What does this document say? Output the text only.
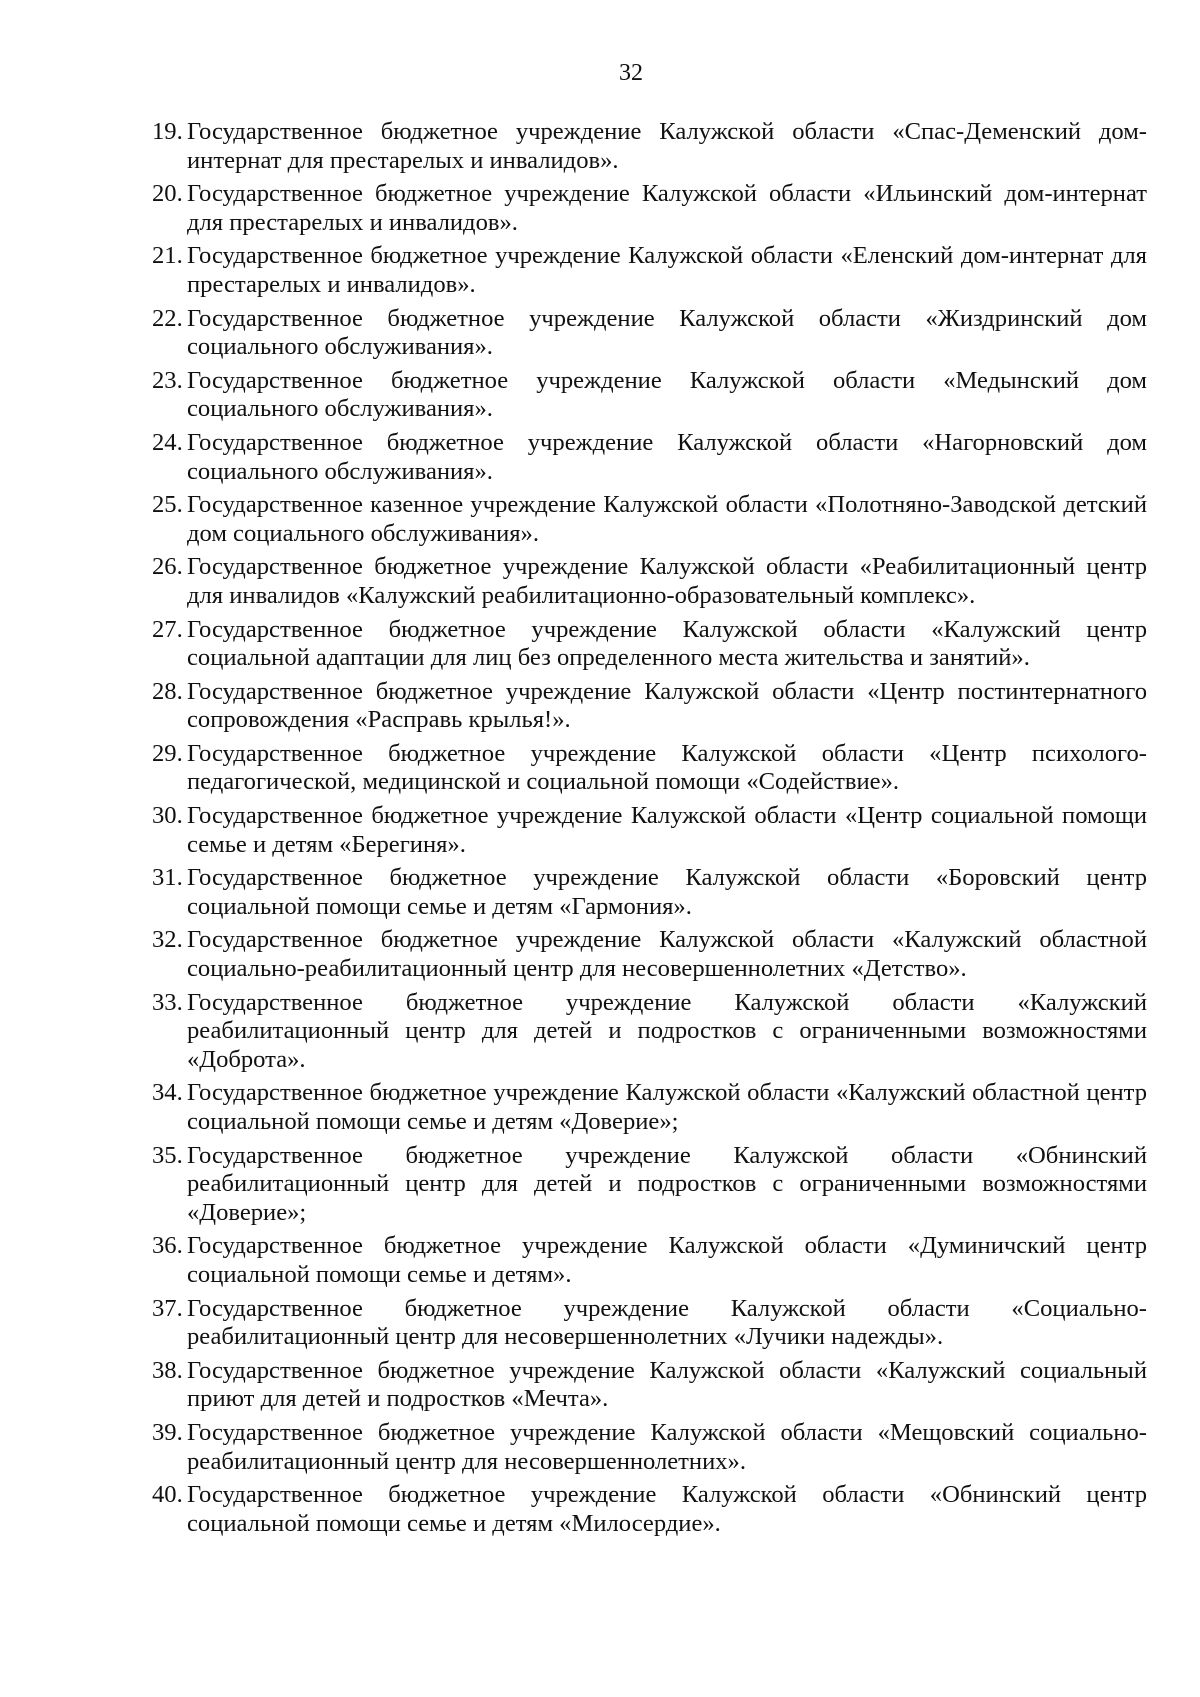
32
19. Государственное бюджетное учреждение Калужской области «Спас-Деменский дом-интернат для престарелых и инвалидов».
20. Государственное бюджетное учреждение Калужской области «Ильинский дом-интернат для престарелых и инвалидов».
21. Государственное бюджетное учреждение Калужской области «Еленский дом-интернат для престарелых и инвалидов».
22. Государственное бюджетное учреждение Калужской области «Жиздринский дом социального обслуживания».
23. Государственное бюджетное учреждение Калужской области «Медынский дом социального обслуживания».
24. Государственное бюджетное учреждение Калужской области «Нагорновский дом социального обслуживания».
25. Государственное казенное учреждение Калужской области «Полотняно-Заводской детский дом социального обслуживания».
26. Государственное бюджетное учреждение Калужской области «Реабилитационный центр для инвалидов «Калужский реабилитационно-образовательный комплекс».
27. Государственное бюджетное учреждение Калужской области «Калужский центр социальной адаптации для лиц без определенного места жительства и занятий».
28. Государственное бюджетное учреждение Калужской области «Центр постинтернатного сопровождения «Расправь крылья!».
29. Государственное бюджетное учреждение Калужской области «Центр психолого-педагогической, медицинской и социальной помощи «Содействие».
30. Государственное бюджетное учреждение Калужской области «Центр социальной помощи семье и детям «Берегиня».
31. Государственное бюджетное учреждение Калужской области «Боровский центр социальной помощи семье и детям «Гармония».
32. Государственное бюджетное учреждение Калужской области «Калужский областной социально-реабилитационный центр для несовершеннолетних «Детство».
33. Государственное бюджетное учреждение Калужской области «Калужский реабилитационный центр для детей и подростков с ограниченными возможностями «Доброта».
34. Государственное бюджетное учреждение Калужской области «Калужский областной центр социальной помощи семье и детям «Доверие»;
35. Государственное бюджетное учреждение Калужской области «Обнинский реабилитационный центр для детей и подростков с ограниченными возможностями «Доверие»;
36. Государственное бюджетное учреждение Калужской области «Думиничский центр социальной помощи семье и детям».
37. Государственное бюджетное учреждение Калужской области «Социально-реабилитационный центр для несовершеннолетних «Лучики надежды».
38. Государственное бюджетное учреждение Калужской области «Калужский социальный приют для детей и подростков «Мечта».
39. Государственное бюджетное учреждение Калужской области «Мещовский социально-реабилитационный центр для несовершеннолетних».
40. Государственное бюджетное учреждение Калужской области «Обнинский центр социальной помощи семье и детям «Милосердие».
